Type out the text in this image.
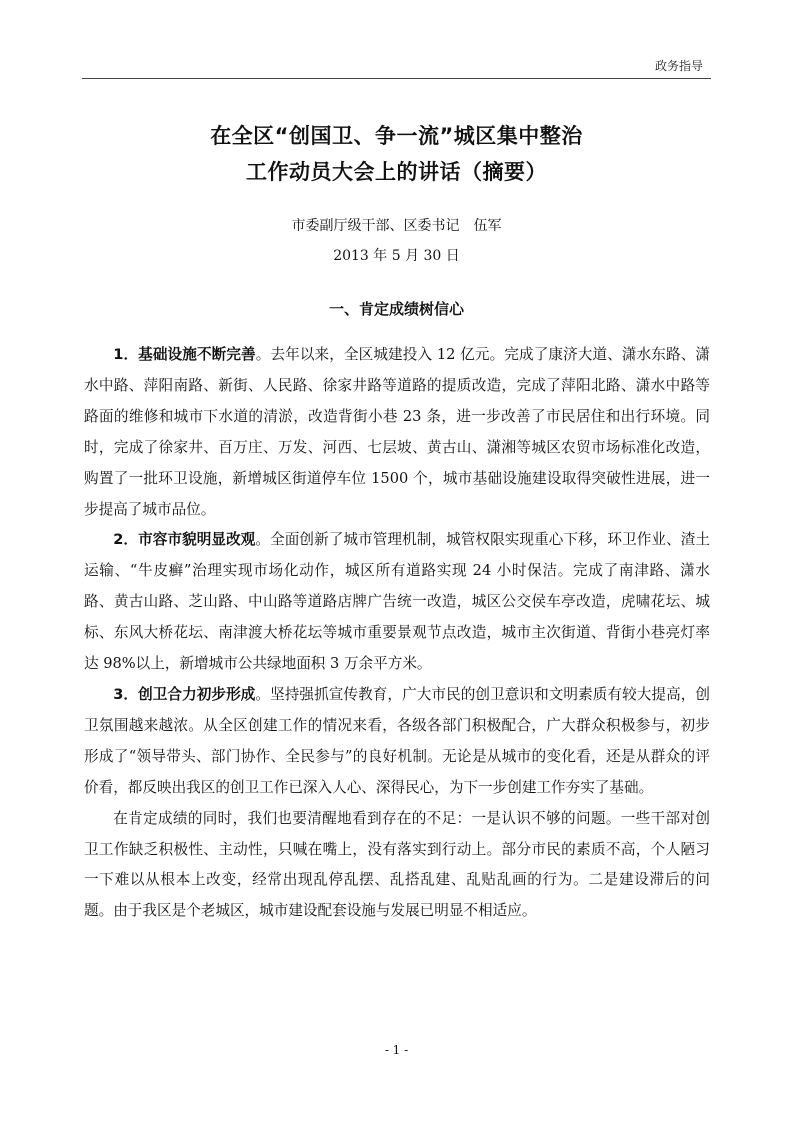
政务指导
在全区“创国卫、争一流”城区集中整治
工作动员大会上的讲话（摘要）
市委副厅级干部、区委书记　伍军
2013 年 5 月 30 日
一、肯定成绩树信心

1．基础设施不断完善。去年以来，全区城建投入 12 亿元。完成了康济大道、潇水东路、潇水中路、萍阳南路、新街、人民路、徐家井路等道路的提质改造，完成了萍阳北路、潇水中路等路面的维修和城市下水道的清淤，改造背街小巷 23 条，进一步改善了市民居住和出行环境。同时，完成了徐家井、百万庄、万发、河西、七层坡、黄古山、潇湘等城区农贸市场标准化改造，购置了一批环卫设施，新增城区街道停车位 1500 个，城市基础设施建设取得突破性进展，进一步提高了城市品位。

2．市容市貌明显改观。全面创新了城市管理机制，城管权限实现重心下移，环卫作业、渣土运输、“牛皮癣”治理实现市场化动作，城区所有道路实现 24 小时保洁。完成了南津路、潇水路、黄古山路、芝山路、中山路等道路店牌广告统一改造，城区公交侯车亭改造，虎啸花坛、城标、东风大桥花坛、南津渡大桥花坛等城市重要景观节点改造，城市主次街道、背街小巷亮灯率达 98%以上，新增城市公共绿地面积 3 万余平方米。

3．创卫合力初步形成。坚持强抓宣传教育，广大市民的创卫意识和文明素质有较大提高，创卫氛围越来越浓。从全区创建工作的情况来看，各级各部门积极配合，广大群众积极参与，初步形成了“领导带头、部门协作、全民参与”的良好机制。无论是从城市的变化看，还是从群众的评价看，都反映出我区的创卫工作已深入人心、深得民心，为下一步创建工作夯实了基础。

在肯定成绩的同时，我们也要清醒地看到存在的不足：一是认识不够的问题。一些干部对创卫工作缺乏积极性、主动性，只喊在嘴上，没有落实到行动上。部分市民的素质不高，个人陋习一下难以从根本上改变，经常出现乱停乱摆、乱搭乱建、乱贴乱画的行为。二是建设滞后的问题。由于我区是个老城区，城市建设配套设施与发展已明显不相适应。

- 1 -
